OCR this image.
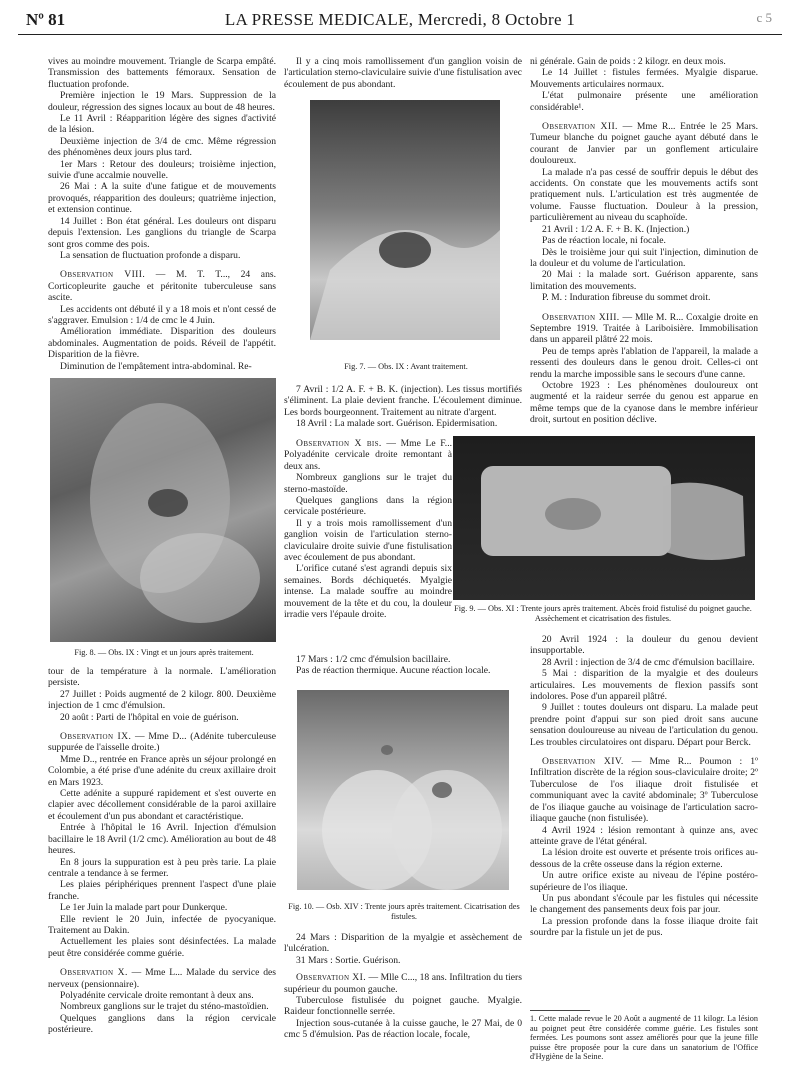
Nº 81	LA PRESSE MEDICALE, Mercredi, 8 Octobre 1	c 5

vives au moindre mouvement. Triangle de Scarpa empâté. Transmission des battements fémoraux. Sensation de fluctuation profonde.

Première injection le 19 Mars. Suppression de la douleur, régression des signes locaux au bout de 48 heures.

Le 11 Avril : Réapparition légère des signes d'activité de la lésion.

Deuxième injection de 3/4 de cmc. Même régression des phénomènes deux jours plus tard.

1er Mars : Retour des douleurs; troisième injection, suivie d'une accalmie nouvelle.

26 Mai : A la suite d'une fatigue et de mouvements provoqués, réapparition des douleurs; quatrième injection, et extension continue.

14 Juillet : Bon état général. Les douleurs ont disparu depuis l'extension. Les ganglions du triangle de Scarpa sont gros comme des pois.

La sensation de fluctuation profonde a disparu.

Observation VIII. — M. T. T..., 24 ans. Corticopleurite gauche et péritonite tuberculeuse sans ascite.

Les accidents ont débuté il y a 18 mois et n'ont cessé de s'aggraver. Emulsion : 1/4 de cmc le 4 Juin.

Amélioration immédiate. Disparition des douleurs abdominales. Augmentation de poids. Réveil de l'appétit. Disparition de la fièvre.

Diminution de l'empâtement intra-abdominal. Re-

Fig. 8. — Obs. IX : Vingt et un jours après traitement.

tour de la température à la normale. L'amélioration persiste.

27 Juillet : Poids augmenté de 2 kilogr. 800. Deuxième injection de 1 cmc d'émulsion.

20 août : Parti de l'hôpital en voie de guérison.

Observation IX. — Mme D... (Adénite tuberculeuse suppurée de l'aisselle droite.)

Mme D.., rentrée en France après un séjour prolongé en Colombie, a été prise d'une adénite du creux axillaire droit en Mars 1923.

Cette adénite a suppuré rapidement et s'est ouverte en clapier avec décollement considérable de la paroi axillaire et écoulement d'un pus abondant et caractéristique.

Entrée à l'hôpital le 16 Avril. Injection d'émulsion bacillaire le 18 Avril (1/2 cmc). Amélioration au bout de 48 heures.

En 8 jours la suppuration est à peu près tarie. La plaie centrale a tendance à se fermer.

Les plaies périphériques prennent l'aspect d'une plaie franche.

Le 1er Juin la malade part pour Dunkerque.

Elle revient le 20 Juin, infectée de pyocyanique. Traitement au Dakin.

Actuellement les plaies sont désinfectées. La malade peut être considérée comme guérie.

Observation X. — Mme L... Malade du service des nerveux (pensionnaire).

Polyadénite cervicale droite remontant à deux ans.

Nombreux ganglions sur le trajet du sténo-mastoïdien.

Quelques ganglions dans la région cervicale postérieure.

Il y a cinq mois ramollissement d'un ganglion voisin de l'articulation sterno-claviculaire suivie d'une fistulisation avec écoulement de pus abondant.

Fig. 7. — Obs. IX : Avant traitement.

7 Avril : 1/2 A. F. + B. K. (injection). Les tissus mortifiés s'éliminent. La plaie devient franche. L'écoulement diminue. Les bords bourgeonnent. Traitement au nitrate d'argent.

18 Avril : La malade sort. Guérison. Epidermisation.

Observation X bis. — Mme Le F... Polyadénite cervicale droite remontant à deux ans.

Nombreux ganglions sur le trajet du sterno-mastoïde.

Quelques ganglions dans la région cervicale postérieure.

Il y a trois mois ramollissement d'un ganglion voisin de l'articulation sterno-claviculaire droite suivie d'une fistulisation avec écoulement de pus abondant.

L'orifice cutané s'est agrandi depuis six semaines. Bords déchiquetés. Myalgie intense. La malade souffre au moindre mouvement de la tête et du cou, la douleur irradie vers l'épaule droite.

17 Mars : 1/2 cmc d'émulsion bacillaire.

Pas de réaction thermique. Aucune réaction locale.

Fig. 10. — Osb. XIV : Trente jours après traitement. Cicatrisation des fistules.

24 Mars : Disparition de la myalgie et assèchement de l'ulcération.

31 Mars : Sortie. Guérison.

Observation XI. — Mlle C..., 18 ans. Infiltration du tiers supérieur du poumon gauche.

Tuberculose fistulisée du poignet gauche. Myalgie. Raideur fonctionnelle serrée.

Injection sous-cutanée à la cuisse gauche, le 27 Mai, de 0 cmc 5 d'émulsion. Pas de réaction locale, focale,

ni générale. Gain de poids : 2 kilogr. en deux mois.

Le 14 Juillet : fistules fermées. Myalgie disparue. Mouvements articulaires normaux.

L'état pulmonaire présente une amélioration considérable¹.

Observation XII. — Mme R... Entrée le 25 Mars. Tumeur blanche du poignet gauche ayant débuté dans le courant de Janvier par un gonflement articulaire douloureux.

La malade n'a pas cessé de souffrir depuis le début des accidents. On constate que les mouvements actifs sont pratiquement nuls. L'articulation est très augmentée de volume. Fausse fluctuation. Douleur à la pression, particulièrement au niveau du scaphoïde.

21 Avril : 1/2 A. F. + B. K. (Injection.)

Pas de réaction locale, ni focale.

Dès le troisième jour qui suit l'injection, diminution de la douleur et du volume de l'articulation.

20 Mai : la malade sort. Guérison apparente, sans limitation des mouvements.

P. M. : Induration fibreuse du sommet droit.

Observation XIII. — Mlle M. R... Coxalgie droite en Septembre 1919. Traitée à Lariboisière. Immobilisation dans un appareil plâtré 22 mois.

Peu de temps après l'ablation de l'appareil, la malade a ressenti des douleurs dans le genou droit. Celles-ci ont rendu la marche impossible sans le secours d'une canne.

Octobre 1923 : Les phénomènes douloureux ont augmenté et la raideur serrée du genou est apparue en même temps que de la cyanose dans le membre inférieur droit, surtout en position déclive.

Fig. 9. — Obs. XI : Trente jours après traitement. Abcès froid fistulisé du poignet gauche. Assèchement et cicatrisation des fistules.

20 Avril 1924 : la douleur du genou devient insupportable.

28 Avril : injection de 3/4 de cmc d'émulsion bacillaire.

5 Mai : disparition de la myalgie et des douleurs articulaires. Les mouvements de flexion passifs sont indolores. Pose d'un appareil plâtré.

9 Juillet : toutes douleurs ont disparu. La malade peut prendre point d'appui sur son pied droit sans aucune sensation douloureuse au niveau de l'articulation du genou. Les troubles circulatoires ont disparu. Départ pour Berck.

Observation XIV. — Mme R... Poumon : 1º Infiltration discrète de la région sous-claviculaire droite; 2º Tuberculose de l'os iliaque droit fistulisée et communiquant avec la cavité abdominale; 3º Tuberculose de l'os iliaque gauche au voisinage de l'articulation sacro-iliaque gauche (non fistulisée).

4 Avril 1924 : lésion remontant à quinze ans, avec atteinte grave de l'état général.

La lésion droite est ouverte et présente trois orifices au-dessous de la crête osseuse dans la région externe.

Un autre orifice existe au niveau de l'épine postéro-supérieure de l'os iliaque.

Un pus abondant s'écoule par les fistules qui nécessite le changement des pansements deux fois par jour.

La pression profonde dans la fosse iliaque droite fait sourdre par la fistule un jet de pus.

1. Cette malade revue le 20 Août a augmenté de 11 kilogr. La lésion au poignet peut être considérée comme guérie. Les fistules sont fermées. Les poumons sont assez améliorés pour que la jeune fille puisse être proposée pour la cure dans un sanatorium de l'Office d'Hygiène de la Seine.
